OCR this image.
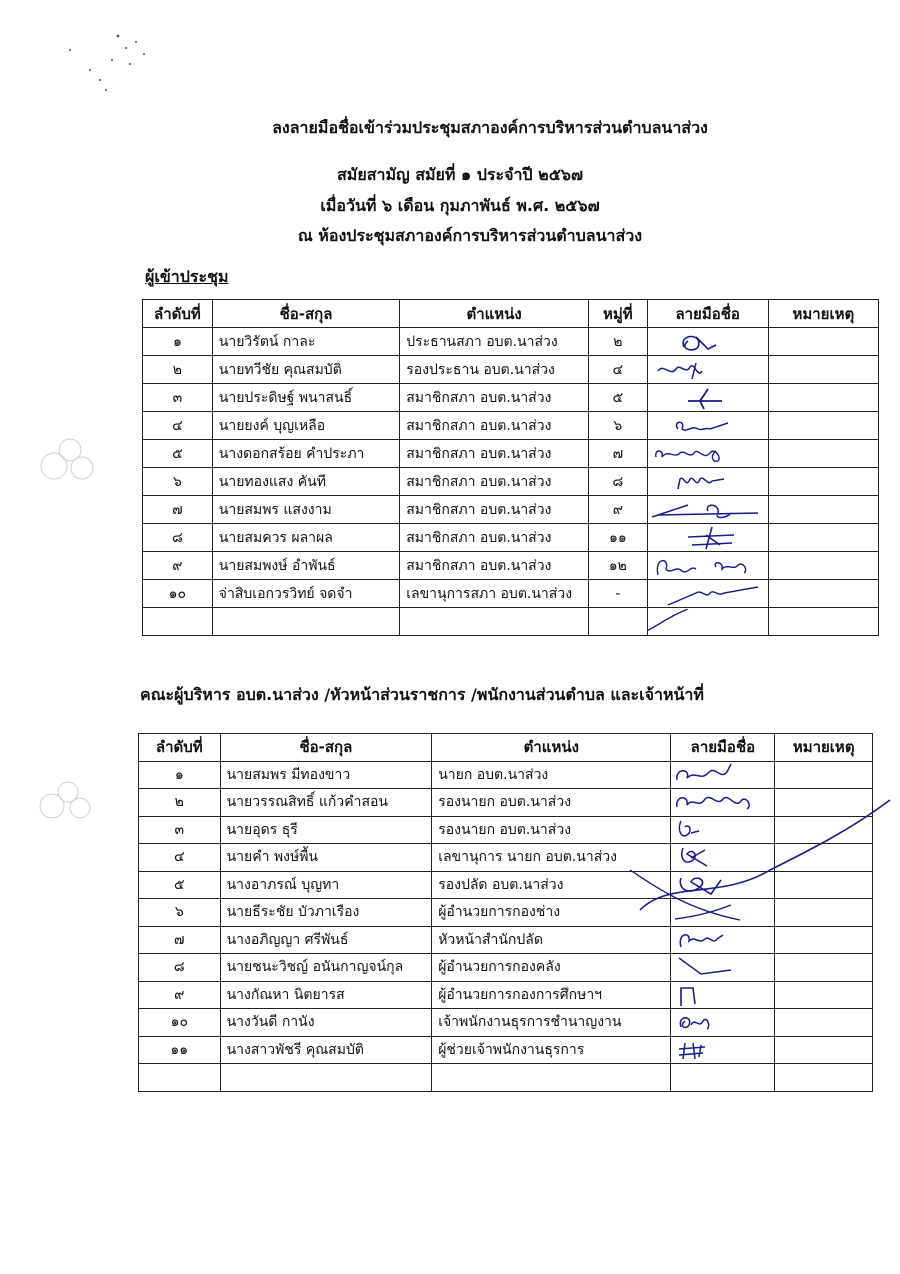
ลงลายมือชื่อเข้าร่วมประชุมสภาองค์การบริหารส่วนตำบลนาส่วง
สมัยสามัญ สมัยที่ ๑ ประจำปี ๒๕๖๗
เมื่อวันที่ ๖ เดือน กุมภาพันธ์ พ.ศ. ๒๕๖๗
ณ ห้องประชุมสภาองค์การบริหารส่วนตำบลนาส่วง
ผู้เข้าประชุม
ลำดับที่	ชื่อ-สกุล	ตำแหน่ง	หมู่ที่	ลายมือชื่อ	หมายเหตุ
๑	นายวิรัตน์ กาละ	ประธานสภา อบต.นาส่วง	๒	

๒	นายทวีชัย คุณสมบัติ	รองประธาน อบต.นาส่วง	๔	

๓	นายประดิษฐ์ พนาสนธิ์	สมาชิกสภา อบต.นาส่วง	๕	

๔	นายยงค์ บุญเหลือ	สมาชิกสภา อบต.นาส่วง	๖	

๕	นางดอกสร้อย คำประภา	สมาชิกสภา อบต.นาส่วง	๗	

๖	นายทองแสง คันที	สมาชิกสภา อบต.นาส่วง	๘	

๗	นายสมพร แสงงาม	สมาชิกสภา อบต.นาส่วง	๙	

๘	นายสมควร ผลาผล	สมาชิกสภา อบต.นาส่วง	๑๑	

๙	นายสมพงษ์ อำพันธ์	สมาชิกสภา อบต.นาส่วง	๑๒	

๑๐	จ่าสิบเอกวรวิทย์ จดจำ	เลขานุการสภา อบต.นาส่วง	-	

คณะผู้บริหาร อบต.นาส่วง /หัวหน้าส่วนราชการ /พนักงานส่วนตำบล และเจ้าหน้าที่
ลำดับที่	ชื่อ-สกุล	ตำแหน่ง	ลายมือชื่อ	หมายเหตุ
๑	นายสมพร มีทองขาว	นายก อบต.นาส่วง	

๒	นายวรรณสิทธิ์ แก้วคำสอน	รองนายก อบต.นาส่วง	

๓	นายอุดร ธุรี	รองนายก อบต.นาส่วง	

๔	นายคำ พงษ์พื้น	เลขานุการ นายก อบต.นาส่วง	

๕	นางอาภรณ์ บุญทา	รองปลัด อบต.นาส่วง	

๖	นายธีระชัย บัวภาเรือง	ผู้อำนวยการกองช่าง	

๗	นางอภิญญา ศรีพันธ์	หัวหน้าสำนักปลัด	

๘	นายชนะวิชญ์ อนันกาญจน์กุล	ผู้อำนวยการกองคลัง	

๙	นางกัณหา นิตยารส	ผู้อำนวยการกองการศึกษาฯ	

๑๐	นางวันดี กานัง	เจ้าพนักงานธุรการชำนาญงาน	

๑๑	นางสาวพัชรี คุณสมบัติ	ผู้ช่วยเจ้าพนักงานธุรการ	
